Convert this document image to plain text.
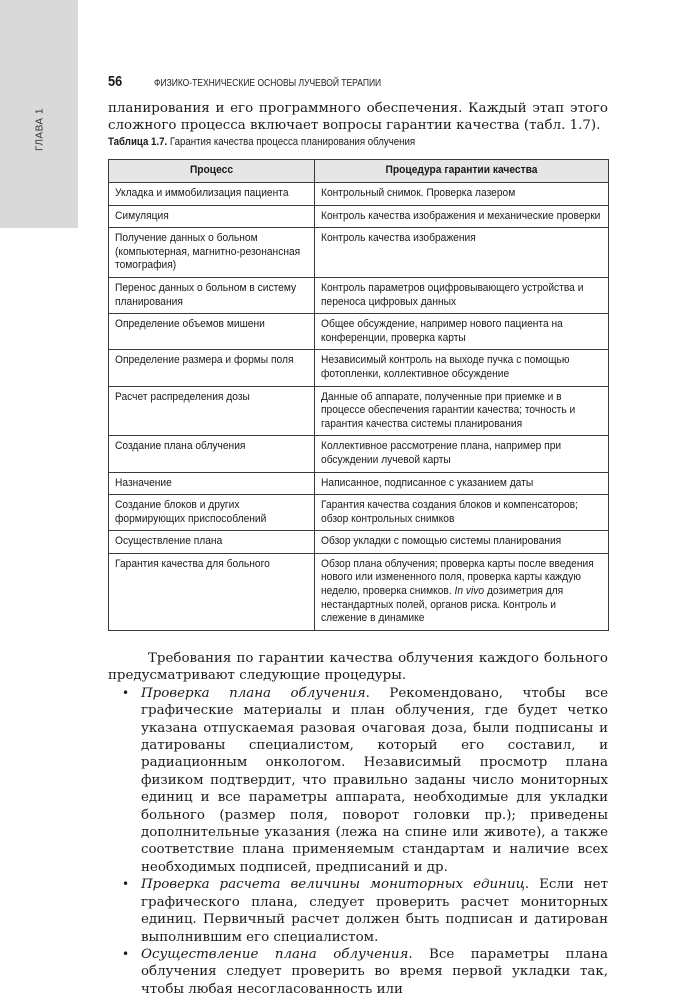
ГЛАВА 1
56	ФИЗИКО-ТЕХНИЧЕСКИЕ ОСНОВЫ ЛУЧЕВОЙ ТЕРАПИИ
планирования и его программного обеспечения. Каждый этап этого сложного процесса включает вопросы гарантии качества (табл. 1.7).
Таблица 1.7. Гарантия качества процесса планирования облучения
Процесс	Процедура гарантии качества

Укладка и иммобилизация пациента	Контрольный снимок. Проверка лазером

Симуляция	Контроль качества изображения и механические проверки

Получение данных о больном (компьютерная, магнитно-резонансная томография)	Контроль качества изображения

Перенос данных о больном в систему планирования	Контроль параметров оцифровывающего устройства и переноса цифровых данных

Определение объемов мишени	Общее обсуждение, например нового пациента на конференции, проверка карты

Определение размера и формы поля	Независимый контроль на выходе пучка с помощью фотопленки, коллективное обсуждение

Расчет распределения дозы	Данные об аппарате, полученные при приемке и в процессе обеспечения гарантии качества; точность и гарантия качества системы планирования

Создание плана облучения	Коллективное рассмотрение плана, например при обсуждении лучевой карты

Назначение	Написанное, подписанное с указанием даты

Создание блоков и других формирующих приспособлений	Гарантия качества создания блоков и компенсаторов; обзор контрольных снимков

Осуществление плана	Обзор укладки с помощью системы планирования

Гарантия качества для больного	Обзор плана облучения; проверка карты после введения нового или измененного поля, проверка карты каждую неделю, проверка снимков. In vivo дозиметрия для нестандартных полей, органов риска. Контроль и слежение в динамике

Требования по гарантии качества облучения каждого больного предусматривают следующие процедуры.

• Проверка плана облучения. Рекомендовано, чтобы все графические материалы и план облучения, где будет четко указана отпускаемая разовая очаговая доза, были подписаны и датированы специалистом, который его составил, и радиационным онкологом. Независимый просмотр плана физиком подтвердит, что правильно заданы число мониторных единиц и все параметры аппарата, необходимые для укладки больного (размер поля, поворот головки пр.); приведены дополнительные указания (лежа на спине или животе), а также соответствие плана применяемым стандартам и наличие всех необходимых подписей, предписаний и др.
• Проверка расчета величины мониторных единиц. Если нет графического плана, следует проверить расчет мониторных единиц. Первичный расчет должен быть подписан и датирован выполнившим его специалистом.
• Осуществление плана облучения. Все параметры плана облучения следует проверить во время первой укладки так, чтобы любая несогласованность или
